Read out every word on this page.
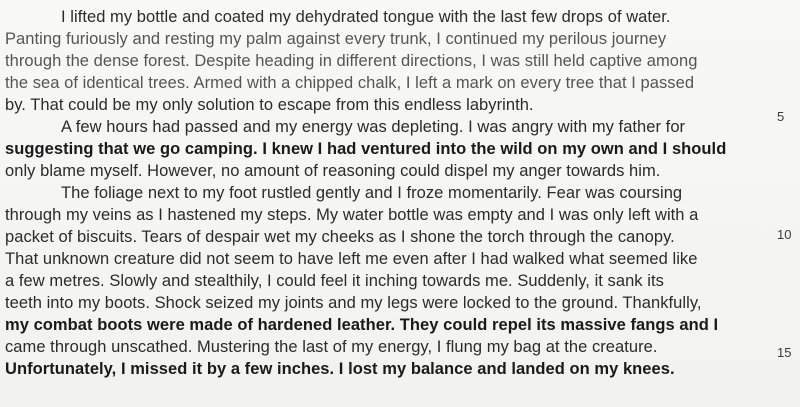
I lifted my bottle and coated my dehydrated tongue with the last few drops of water.
Panting furiously and resting my palm against every trunk, I continued my perilous journey
through the dense forest. Despite heading in different directions, I was still held captive among
the sea of identical trees. Armed with a chipped chalk, I left a mark on every tree that I passed
by. That could be my only solution to escape from this endless labyrinth.
A few hours had passed and my energy was depleting. I was angry with my father for
suggesting that we go camping. I knew I had ventured into the wild on my own and I should
only blame myself. However, no amount of reasoning could dispel my anger towards him.
The foliage next to my foot rustled gently and I froze momentarily. Fear was coursing
through my veins as I hastened my steps. My water bottle was empty and I was only left with a
packet of biscuits. Tears of despair wet my cheeks as I shone the torch through the canopy.
That unknown creature did not seem to have left me even after I had walked what seemed like
a few metres. Slowly and stealthily, I could feel it inching towards me. Suddenly, it sank its
teeth into my boots. Shock seized my joints and my legs were locked to the ground. Thankfully,
my combat boots were made of hardened leather. They could repel its massive fangs and I
came through unscathed. Mustering the last of my energy, I flung my bag at the creature.
Unfortunately, I missed it by a few inches. I lost my balance and landed on my knees.
5
10
15
